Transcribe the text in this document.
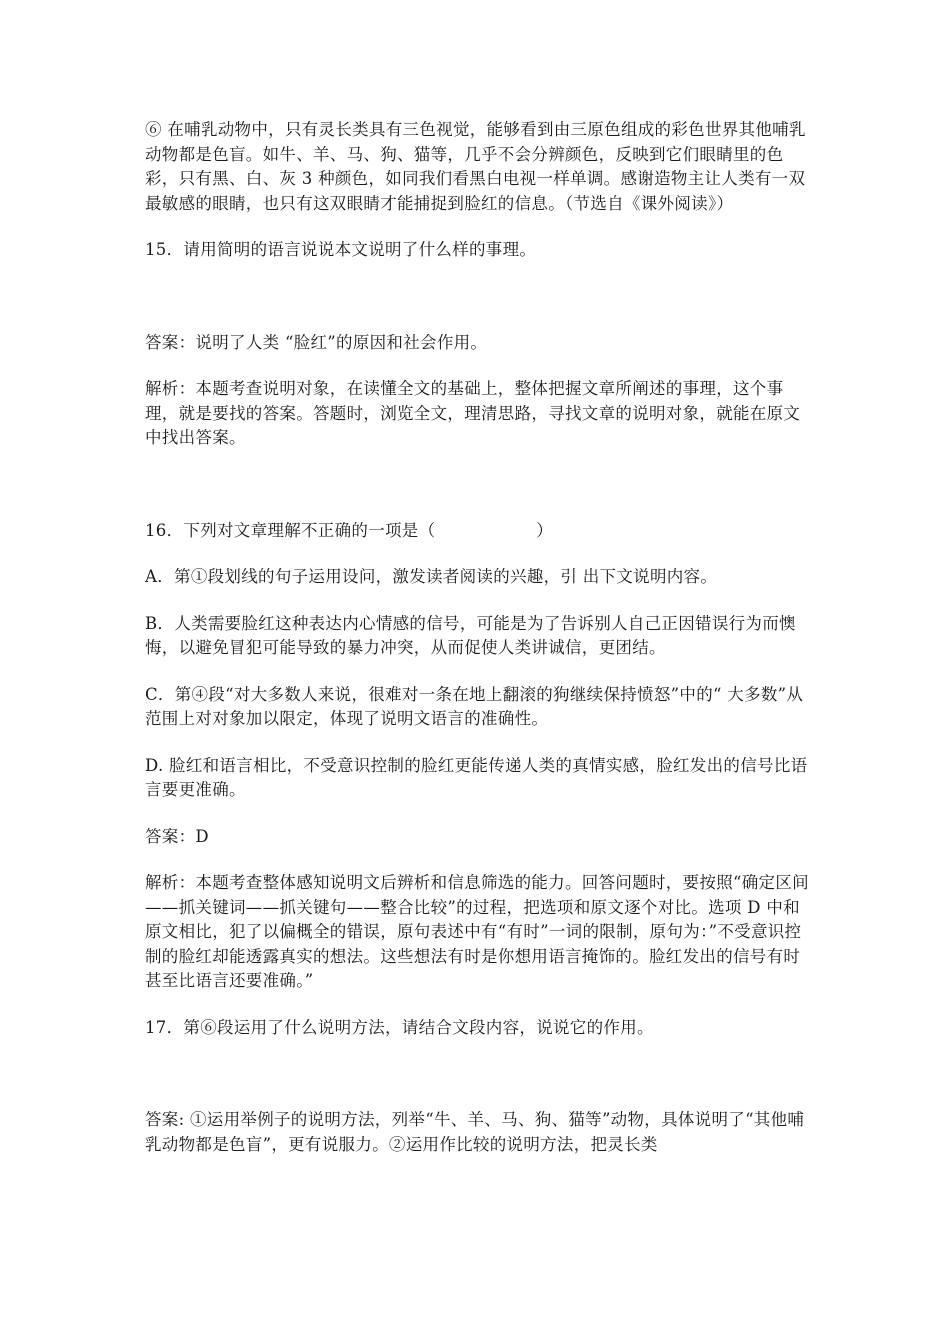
⑥ 在哺乳动物中，只有灵长类具有三色视觉，能够看到由三原色组成的彩色世界其他哺乳动物都是色盲。如牛、羊、马、狗、猫等，几乎不会分辨颜色，反映到它们眼睛里的色彩，只有黑、白、灰 3 种颜色，如同我们看黑白电视一样单调。感谢造物主让人类有一双最敏感的眼睛，也只有这双眼睛才能捕捉到脸红的信息。（节选自《课外阅读》）

15．请用简明的语言说说本文说明了什么样的事理。

答案：说明了人类 “脸红”的原因和社会作用。

解析：本题考查说明对象，在读懂全文的基础上，整体把握文章所阐述的事理，这个事理，就是要找的答案。答题时，浏览全文，理清思路，寻找文章的说明对象，就能在原文中找出答案。

16．下列对文章理解不正确的一项是（　　　　　　）

A．第①段划线的句子运用设问，激发读者阅读的兴趣，引 出下文说明内容。

B．人类需要脸红这种表达内心情感的信号，可能是为了告诉别人自己正因错误行为而懊悔，以避免冒犯可能导致的暴力冲突，从而促使人类讲诚信，更团结。

C．第④段“对大多数人来说，很难对一条在地上翻滚的狗继续保持愤怒”中的“ 大多数”从范围上对对象加以限定，体现了说明文语言的准确性。

D. 脸红和语言相比，不受意识控制的脸红更能传递人类的真情实感，脸红发出的信号比语言要更准确。

答案：D

解析：本题考查整体感知说明文后辨析和信息筛选的能力。回答问题时，要按照“确定区间——抓关键词——抓关键句——整合比较”的过程，把选项和原文逐个对比。选项 D 中和原文相比，犯了以偏概全的错误，原句表述中有“有时”一词的限制，原句为：”不受意识控制的脸红却能透露真实的想法。这些想法有时是你想用语言掩饰的。脸红发出的信号有时甚至比语言还要准确。”

17．第⑥段运用了什么说明方法，请结合文段内容，说说它的作用。

答案: ①运用举例子的说明方法，列举“牛、羊、马、狗、猫等”动物，具体说明了“其他哺乳动物都是色盲”，更有说服力。②运用作比较的说明方法，把灵长类
